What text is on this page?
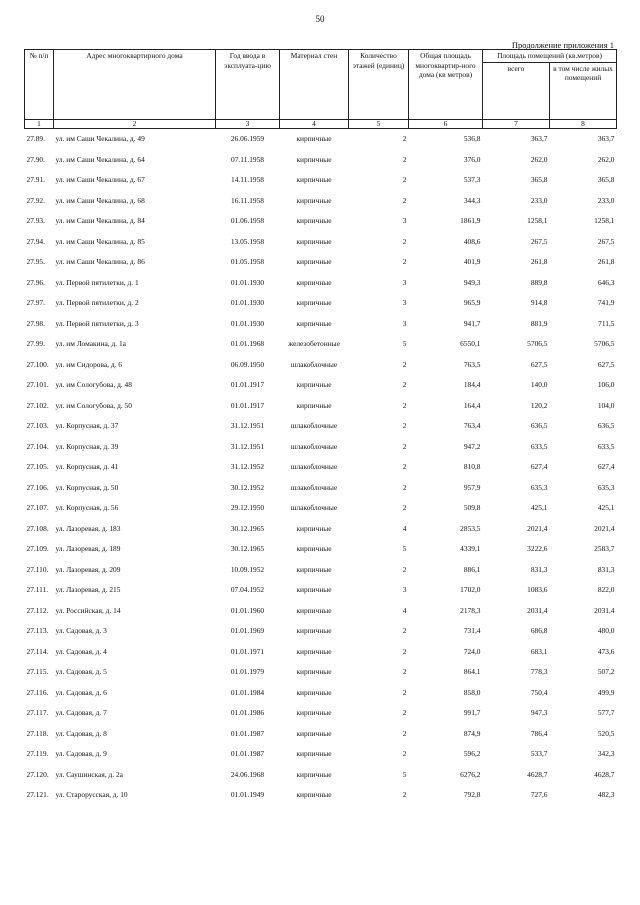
50
Продолжение приложения 1
№ п/п	Адрес многоквартирного дома	Год ввода в эксплуата-цию	Материал стен	Количество этажей (единиц)	Общая площадь многоквартир-ного дома (кв метров)	Площадь помещений (кв.метров)	
						всего	в том числе жилых помещений
1	2	3	4	5	6	7	8
27.89.	ул. им Саши Чекалина, д. 49	26.06.1959	кирпичные	2	536,8	363,7	363,7
27.90.	ул. им Саши Чекалина, д. 64	07.11.1958	кирпичные	2	376,0	262,0	262,0
27.91.	ул. им Саши Чекалина, д. 67	14.11.1958	кирпичные	2	537,3	365,8	365,8
27.92.	ул. им Саши Чекалина, д. 68	16.11.1958	кирпичные	2	344,3	233,0	233,0
27.93.	ул. им Саши Чекалина, д. 84	01.06.1958	кирпичные	3	1861,9	1258,1	1258,1
27.94.	ул. им Саши Чекалина, д. 85	13.05.1958	кирпичные	2	408,6	267,5	267,5
27.95.	ул. им Саши Чекалина, д. 86	01.05.1958	кирпичные	2	401,9	261,8	261,8
27.96.	ул. Первой пятилетки, д. 1	01.01.1930	кирпичные	3	949,3	889,8	646,3
27.97.	ул. Первой пятилетки, д. 2	01.01.1930	кирпичные	3	965,9	914,8	741,9
27.98.	ул. Первой пятилетки, д. 3	01.01.1930	кирпичные	3	941,7	881,9	711,5
27.99.	ул. им Ломакина, д. 1а	01.01.1968	железобетонные	5	6550,1	5706,5	5706,5
27.100.	ул. им Сидорова, д. 6	06.09.1950	шлакоблочные	2	763,5	627,5	627,5
27.101.	ул. им Сологубова, д. 48	01.01.1917	кирпичные	2	184,4	140,0	106,0
27.102.	ул. им Сологубова, д. 50	01.01.1917	кирпичные	2	164,4	120,2	104,0
27.103.	ул. Корпусная, д. 37	31.12.1951	шлакоблочные	2	763,4	636,5	636,5
27.104.	ул. Корпусная, д. 39	31.12.1951	шлакоблочные	2	947,2	633,5	633,5
27.105.	ул. Корпусная, д. 41	31.12.1952	шлакоблочные	2	810,8	627,4	627,4
27.106.	ул. Корпусная, д. 50	30.12.1952	шлакоблочные	2	957,9	635,3	635,3
27.107.	ул. Корпусная, д. 56	29.12.1950	шлакоблочные	2	509,8	425,1	425,1
27.108.	ул. Лазоревая, д. 183	30.12.1965	кирпичные	4	2853,5	2021,4	2021,4
27.109.	ул. Лазоревая, д. 189	30.12.1965	кирпичные	5	4339,1	3222,6	2583,7
27.110.	ул. Лазоревая, д. 209	10.09.1952	кирпичные	2	886,1	831,3	831,3
27.111.	ул. Лазоревая, д. 215	07.04.1952	кирпичные	3	1702,0	1083,6	822,0
27.112.	ул. Российская, д. 14	01.01.1960	кирпичные	4	2178,3	2031,4	2031,4
27.113.	ул. Садовая, д. 3	01.01.1969	кирпичные	2	731,4	686,8	480,0
27.114.	ул. Садовая, д. 4	01.01.1971	кирпичные	2	724,0	683,1	473,6
27.115.	ул. Садовая, д. 5	01.01.1979	кирпичные	2	864,1	778,3	507,2
27.116.	ул. Садовая, д. 6	01.01.1984	кирпичные	2	858,0	750,4	499,9
27.117.	ул. Садовая, д. 7	01.01.1986	кирпичные	2	991,7	947,3	577,7
27.118.	ул. Садовая, д. 8	01.01.1987	кирпичные	2	874,9	786,4	520,5
27.119.	ул. Садовая, д. 9	01.01.1987	кирпичные	2	596,2	533,7	342,3
27.120.	ул. Саушинская, д. 2а	24.06.1968	кирпичные	5	6276,2	4628,7	4628,7
27.121.	ул. Старорусская, д. 10	01.01.1949	кирпичные	2	792,8	727,6	482,3
